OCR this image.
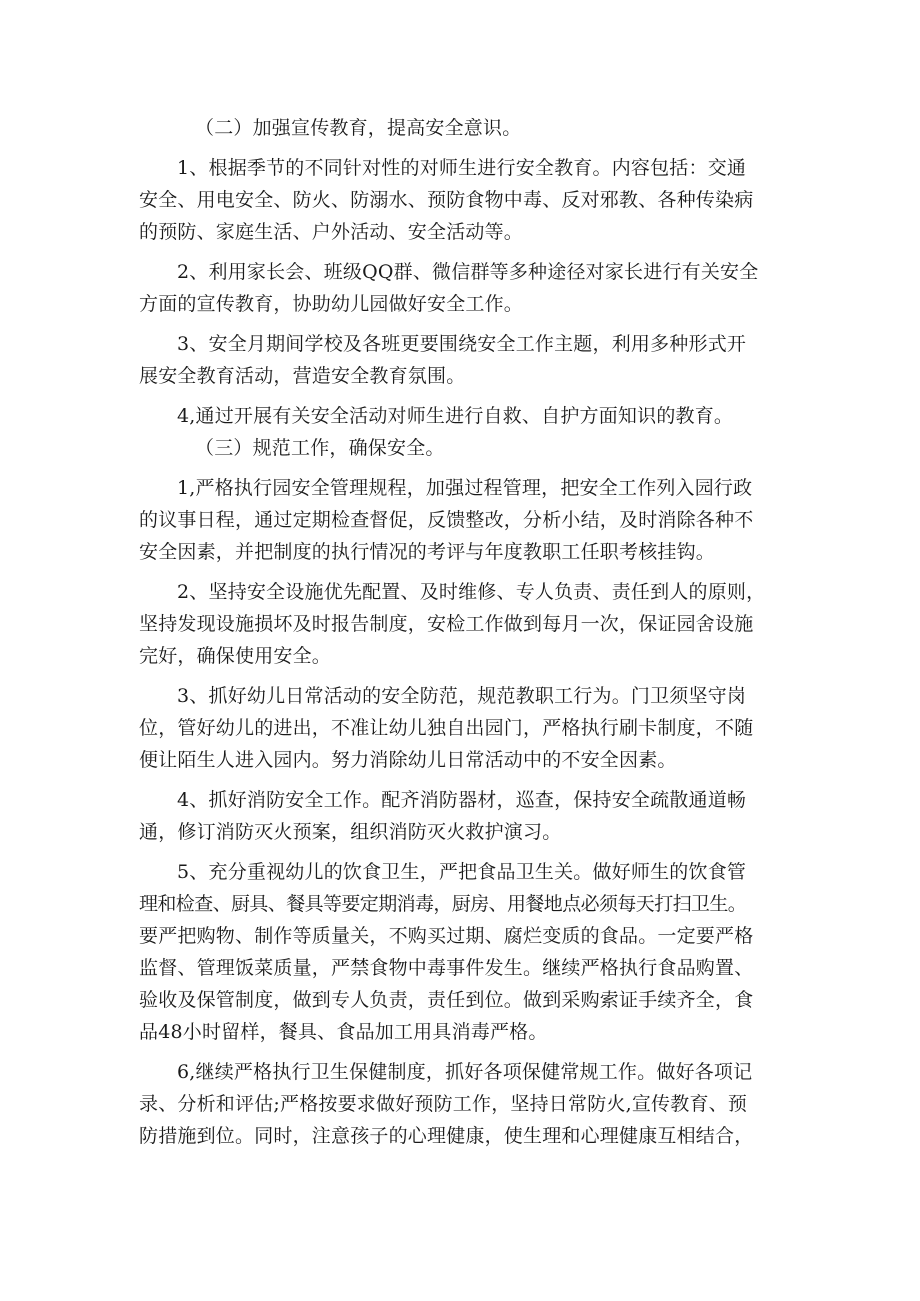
（二）加强宣传教育，提高安全意识。
1、根据季节的不同针对性的对师生进行安全教育。内容包括：交通
安全、用电安全、防火、防溺水、预防食物中毒、反对邪教、各种传染病
的预防、家庭生活、户外活动、安全活动等。
2、利用家长会、班级QQ群、微信群等多种途径对家长进行有关安全
方面的宣传教育，协助幼儿园做好安全工作。
3、安全月期间学校及各班更要围绕安全工作主题，利用多种形式开
展安全教育活动，营造安全教育氛围。
4,通过开展有关安全活动对师生进行自救、自护方面知识的教育。
（三）规范工作，确保安全。
1,严格执行园安全管理规程，加强过程管理，把安全工作列入园行政
的议事日程，通过定期检查督促，反馈整改，分析小结，及时消除各种不
安全因素，并把制度的执行情况的考评与年度教职工任职考核挂钩。
2、坚持安全设施优先配置、及时维修、专人负责、责任到人的原则，
坚持发现设施损坏及时报告制度，安检工作做到每月一次，保证园舍设施
完好，确保使用安全。
3、抓好幼儿日常活动的安全防范，规范教职工行为。门卫须坚守岗
位，管好幼儿的进出，不准让幼儿独自出园门，严格执行刷卡制度，不随
便让陌生人进入园内。努力消除幼儿日常活动中的不安全因素。
4、抓好消防安全工作。配齐消防器材，巡查，保持安全疏散通道畅
通，修订消防灭火预案，组织消防灭火救护演习。
5、充分重视幼儿的饮食卫生，严把食品卫生关。做好师生的饮食管
理和检查、厨具、餐具等要定期消毒，厨房、用餐地点必须每天打扫卫生。
要严把购物、制作等质量关，不购买过期、腐烂变质的食品。一定要严格
监督、管理饭菜质量，严禁食物中毒事件发生。继续严格执行食品购置、
验收及保管制度，做到专人负责，责任到位。做到采购索证手续齐全，食
品48小时留样，餐具、食品加工用具消毒严格。
6,继续严格执行卫生保健制度，抓好各项保健常规工作。做好各项记
录、分析和评估;严格按要求做好预防工作，坚持日常防火,宣传教育、预
防措施到位。同时，注意孩子的心理健康，使生理和心理健康互相结合，
